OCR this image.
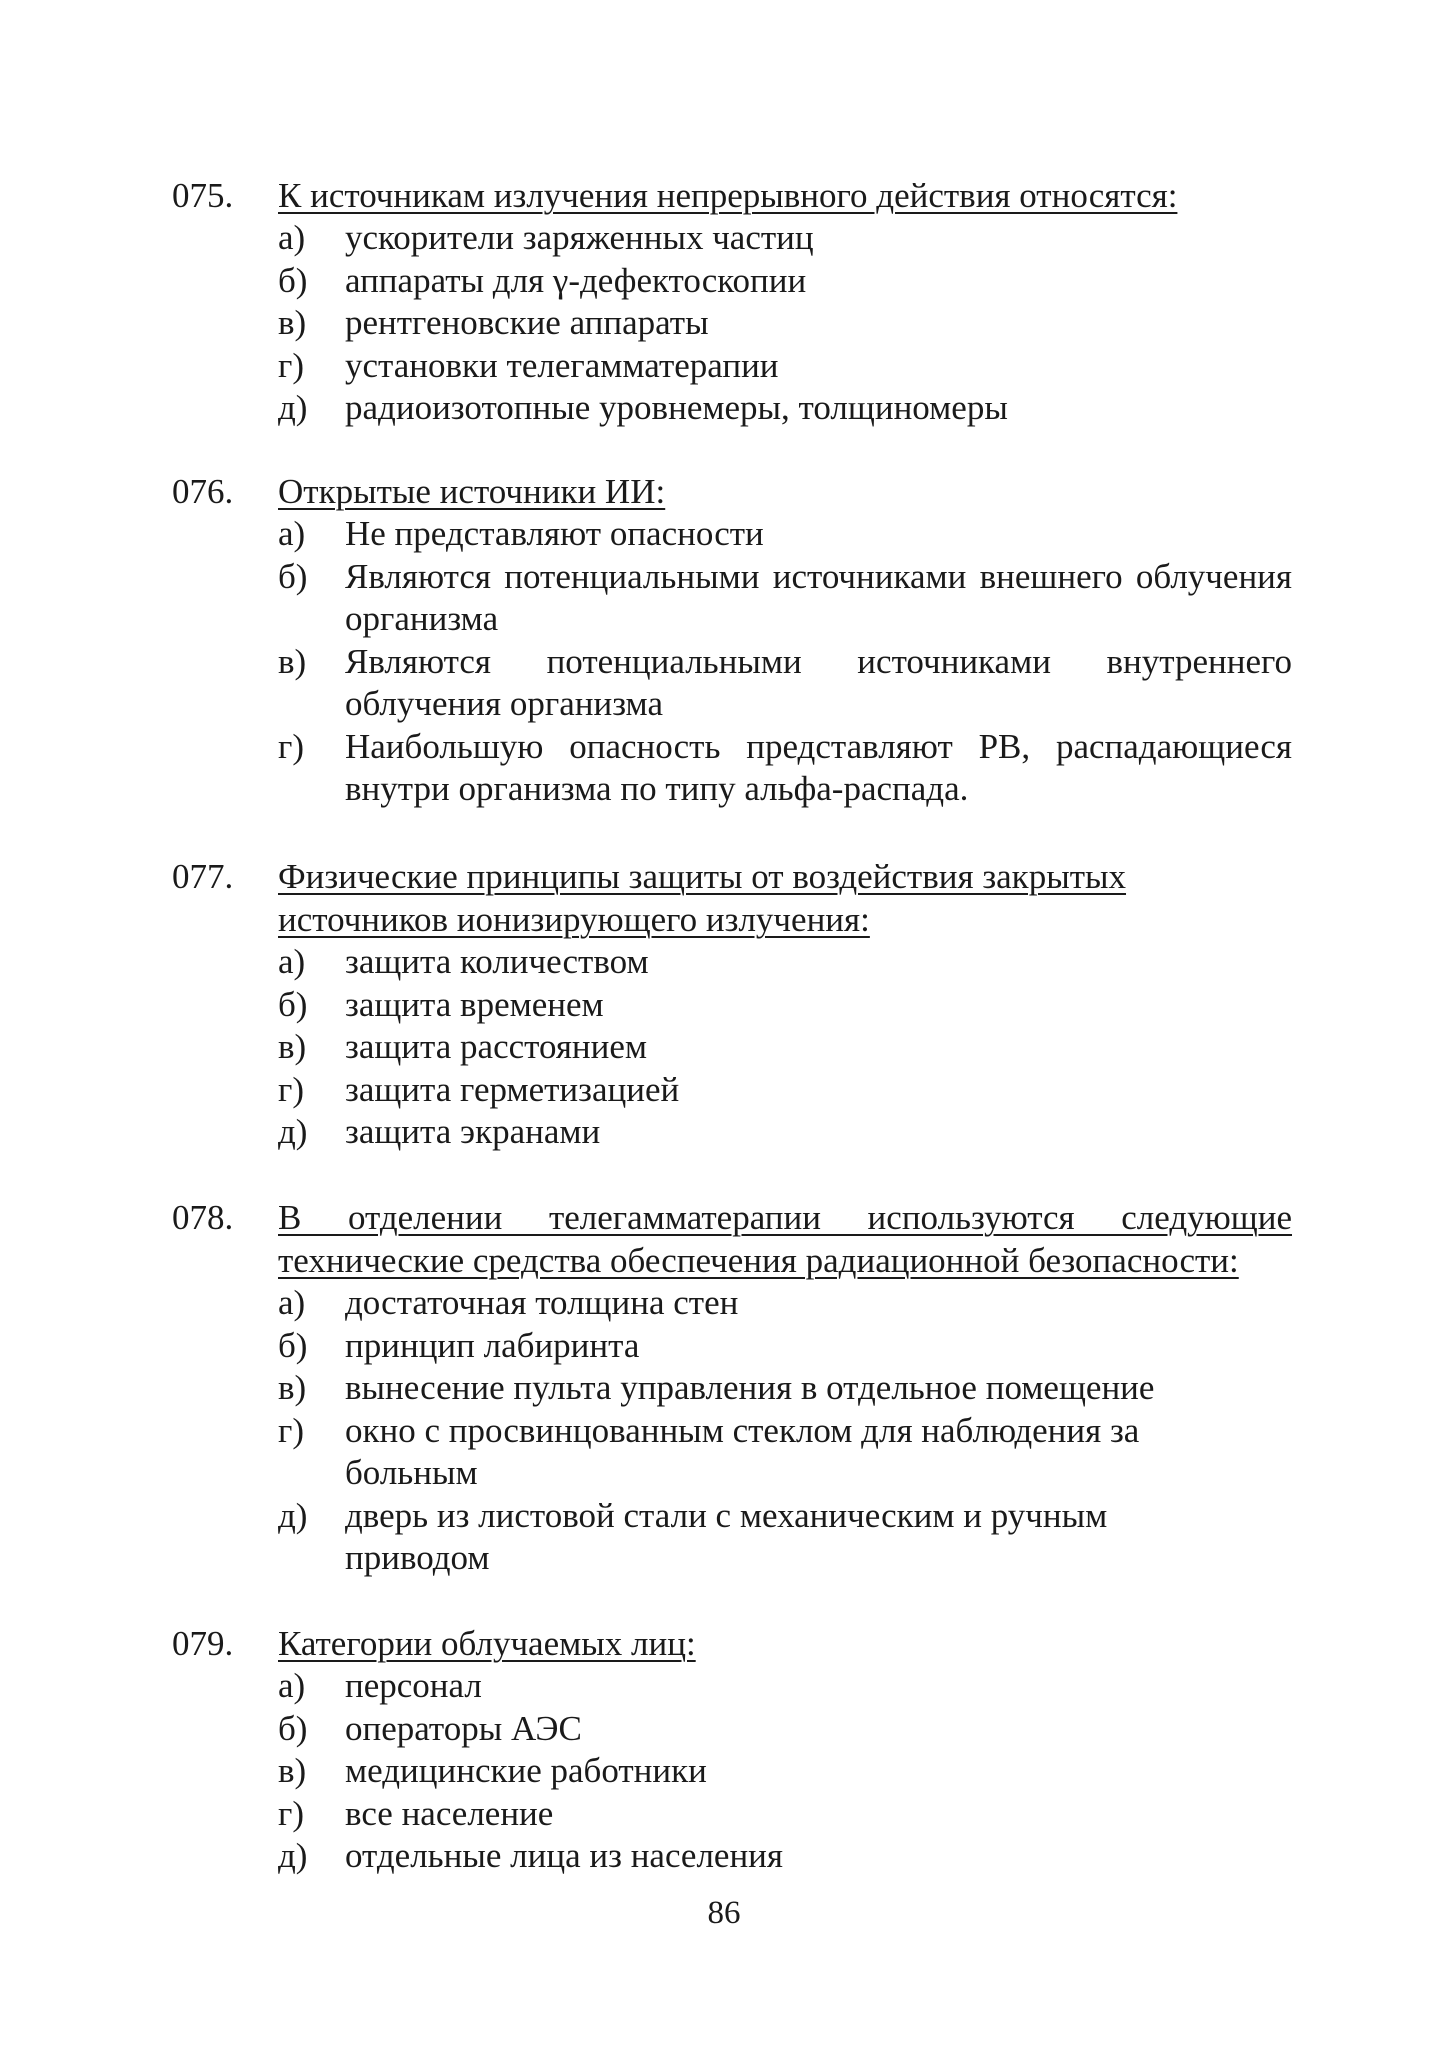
075.	К источникам излучения непрерывного действия относятся:
а)	ускорители заряженных частиц
б)	аппараты для γ-дефектоскопии
в)	рентгеновские аппараты
г)	установки телегамматерапии
д)	радиоизотопные уровнемеры, толщиномеры
076.	Открытые источники ИИ:
а)	Не представляют опасности
б)	Являются потенциальными источниками внешнего облучения организма
в)	Являются потенциальными источниками внутреннего облучения организма
г)	Наибольшую опасность представляют РВ, распадающиеся внутри организма по типу альфа-распада.
077.	Физические принципы защиты от воздействия закрытых источников ионизирующего излучения:
а)	защита количеством
б)	защита временем
в)	защита расстоянием
г)	защита герметизацией
д)	защита экранами
078.	В отделении телегамматерапии используются следующие технические средства обеспечения радиационной безопасности:
а)	достаточная толщина стен
б)	принцип лабиринта
в)	вынесение пульта управления в отдельное помещение
г)	окно с просвинцованным стеклом для наблюдения за больным
д)	дверь из листовой стали с механическим и ручным приводом
079.	Категории облучаемых лиц:
а)	персонал
б)	операторы АЭС
в)	медицинские работники
г)	все население
д)	отдельные лица из населения
86
